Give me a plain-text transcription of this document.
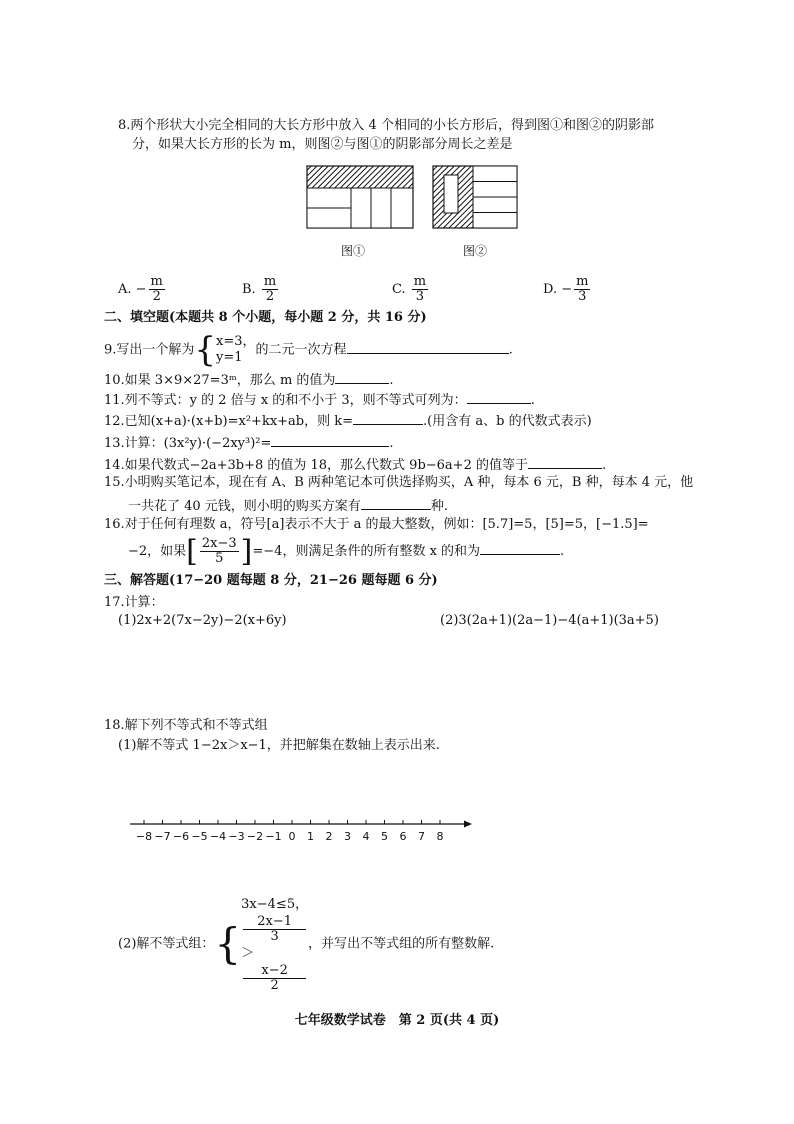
8.两个形状大小完全相同的大长方形中放入 4 个相同的小长方形后，得到图①和图②的阴影部
分，如果大长方形的长为 m，则图②与图①的阴影部分周长之差是
图①	图②
A. − $\frac{m}{2}$	B. $\frac{m}{2}$	C. $\frac{m}{3}$	D. − $\frac{m}{3}$
二、填空题(本题共 8 个小题，每小题 2 分，共 16 分)
9.写出一个解为{ x=3，
y=1 的二元一次方程	.
10.如果 3×9×27=3ᵐ，那么 m 的值为	.
11.列不等式：y 的 2 倍与 x 的和不小于 3，则不等式可列为：	.
12.已知(x+a)·(x+b)=x²+kx+ab，则 k=	.(用含有 a、b 的代数式表示)
13.计算：(3x²y)·(−2xy³)²=	.
14.如果代数式−2a+3b+8 的值为 18，那么代数式 9b−6a+2 的值等于	.
15.小明购买笔记本，现在有 A、B 两种笔记本可供选择购买，A 种，每本 6 元，B 种，每本 4 元，他
一共花了 40 元钱，则小明的购买方案有	种.
16.对于任何有理数 a，符号[a]表示不大于 a 的最大整数，例如：[5.7]=5，[5]=5，[−1.5]=
−2，如果[ $\frac{2x-3}{5} ]=-4$，则满足条件的所有整数 x 的和为	.
三、解答题(17−20 题每题 8 分，21−26 题每题 6 分)
17.计算：
(1)2x+2(7x−2y)−2(x+6y)	(2)3(2a+1)(2a−1)−4(a+1)(3a+5)
18.解下列不等式和不等式组
(1)解不等式 1−2x＞x−1，并把解集在数轴上表示出来.
−8 −7 −6 −5 −4 −3 −2 −1 0 1 2 3 4 5 6 7 8
(2)解不等式组：{
3x−4≤5，
2x−1
3
＞
x−2
2
，并写出不等式组的所有整数解.
七年级数学试卷　第 2 页(共 4 页)
